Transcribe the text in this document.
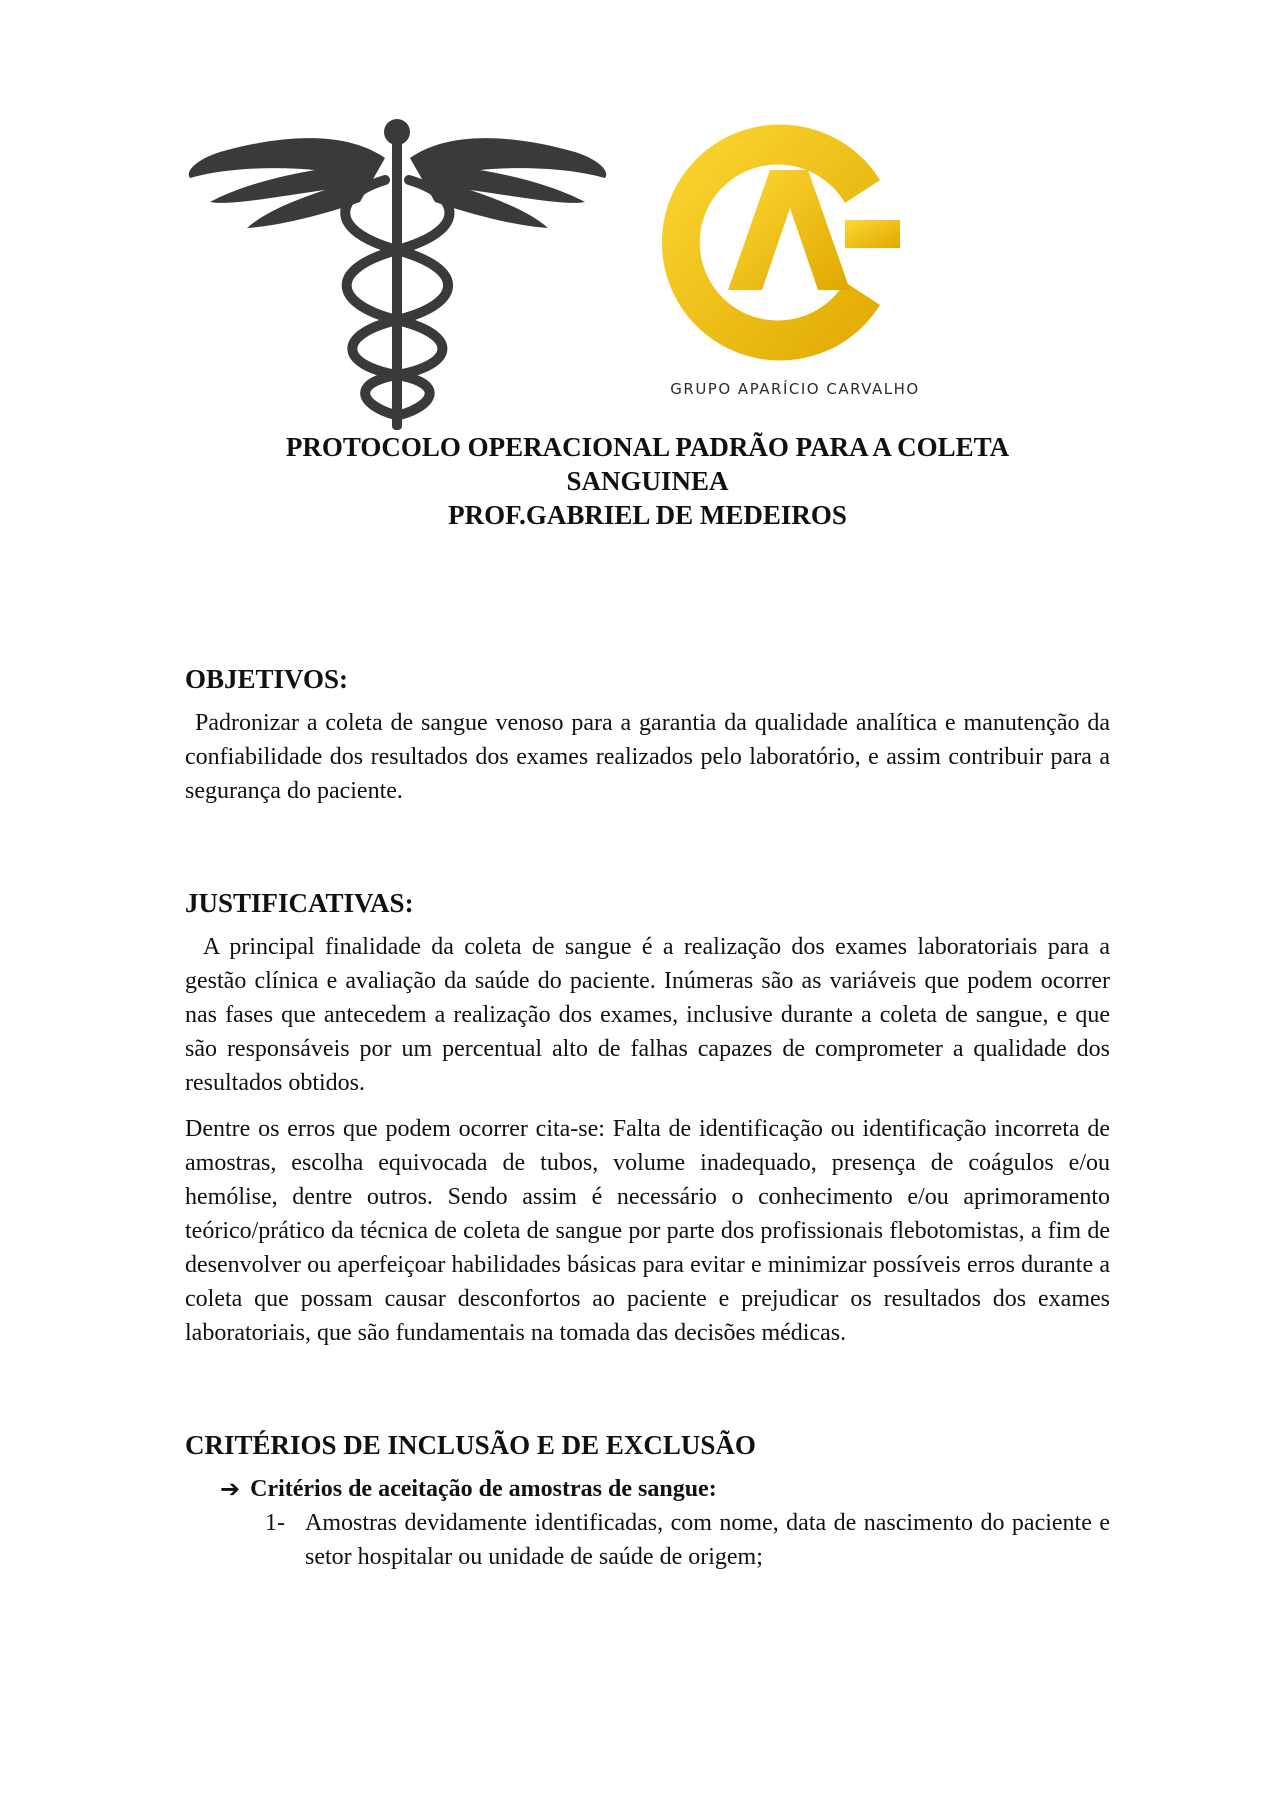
GRUPO APARÍCIO CARVALHO
PROTOCOLO OPERACIONAL PADRÃO PARA A COLETA
SANGUINEA
PROF.GABRIEL DE MEDEIROS
OBJETIVOS:

Padronizar a coleta de sangue venoso para a garantia da qualidade analítica e manutenção da confiabilidade dos resultados dos exames realizados pelo laboratório, e assim contribuir para a segurança do paciente.

JUSTIFICATIVAS:

A principal finalidade da coleta de sangue é a realização dos exames laboratoriais para a gestão clínica e avaliação da saúde do paciente. Inúmeras são as variáveis que podem ocorrer nas fases que antecedem a realização dos exames, inclusive durante a coleta de sangue, e que são responsáveis por um percentual alto de falhas capazes de comprometer a qualidade dos resultados obtidos.

Dentre os erros que podem ocorrer cita-se: Falta de identificação ou identificação incorreta de amostras, escolha equivocada de tubos, volume inadequado, presença de coágulos e/ou hemólise, dentre outros. Sendo assim é necessário o conhecimento e/ou aprimoramento teórico/prático da técnica de coleta de sangue por parte dos profissionais flebotomistas, a fim de desenvolver ou aperfeiçoar habilidades básicas para evitar e minimizar possíveis erros durante a coleta que possam causar desconfortos ao paciente e prejudicar os resultados dos exames laboratoriais, que são fundamentais na tomada das decisões médicas.

CRITÉRIOS DE INCLUSÃO E DE EXCLUSÃO
➔ Critérios de aceitação de amostras de sangue:
1- Amostras devidamente identificadas, com nome, data de nascimento do paciente e setor hospitalar ou unidade de saúde de origem;
